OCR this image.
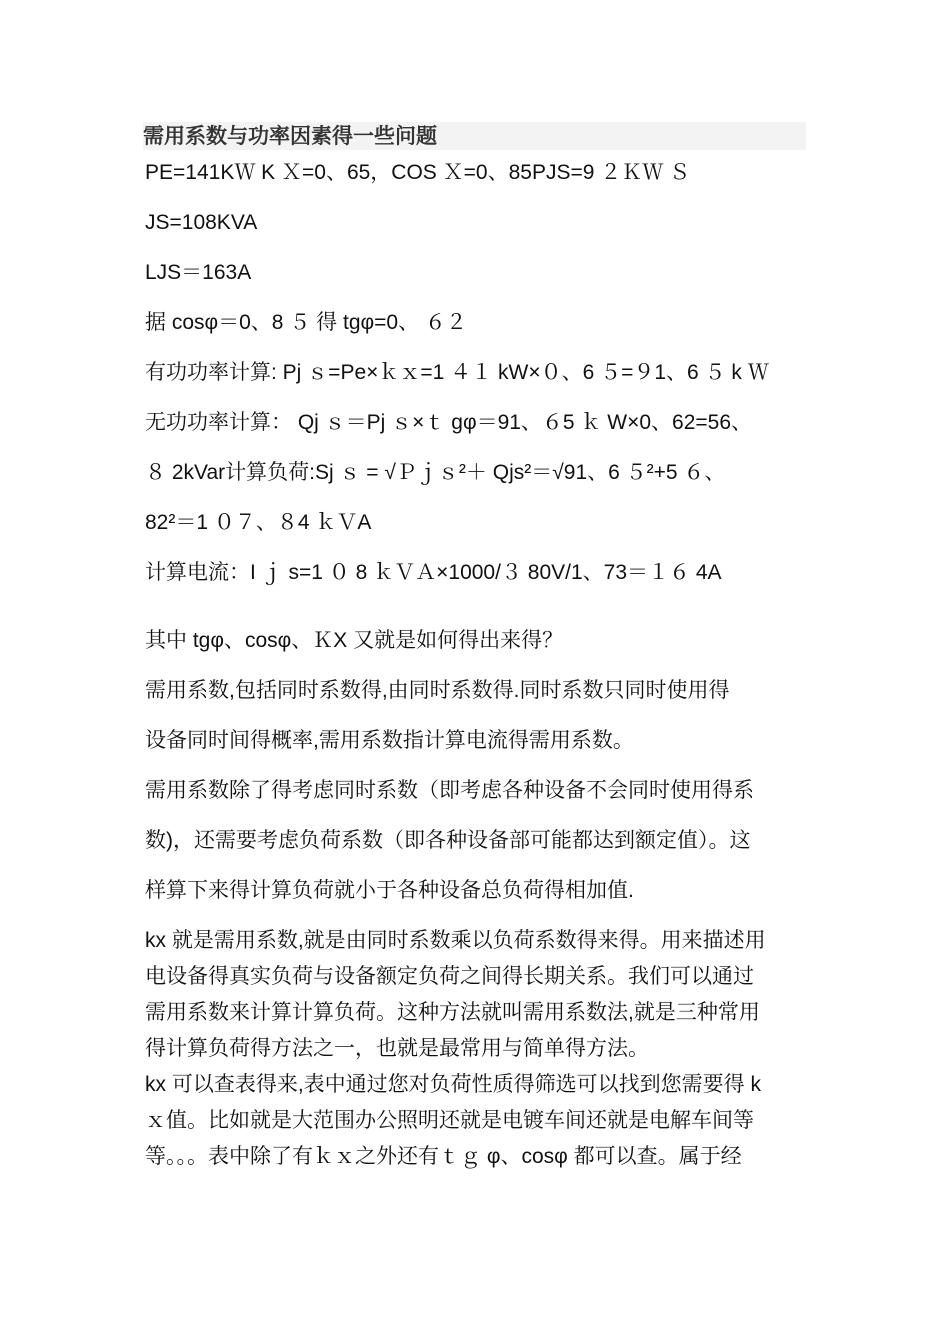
需用系数与功率因素得一些问题
PE=141KＷ ﻿K Ｘ=0、65，COS Ｘ=0、85﻿PJS=9 ２ＫＷ ﻿Ｓ
JS=108KVA
LJS＝163A﻿
据 cosφ＝0、8 ５ 得 tgφ=0、 ６２
有功功率计算: Pj ｓ=Pe×ｋｘ=1 ４１ kW×０、6 ５=９1、6 ５ k Ｗ
﻿无功功率计算： Qj ｓ＝Pj ｓ×ｔ gφ＝91、６5 ｋ W×0、62=56、
８ 2kVar﻿计算负荷:Sj ｓ = √Ｐｊｓ²＋ Qjs²＝√91、6 ５²+5 ６、
82²＝1 ０７、８4 ｋＶA
计算电流：I ｊ s=1 ０ 8 ｋＶＡ×1000/３ 80V/1、73＝１６ 4A
其中 tgφ、cosφ、ＫX 又就是如何得出来得？
需用系数,包括同时系数得,由同时系数得.同时系数只同时使用得
设备同时间得概率,需用系数指计算电流得需用系数。
﻿需用系数除了得考虑同时系数（即考虑各种设备不会同时使用得系
数)，还需要考虑负荷系数（即各种设备部可能都达到额定值）。这
样算下来得计算负荷就小于各种设备总负荷得相加值.
kx 就是需用系数,就是由同时系数乘以负荷系数得来得。用来描述用
电设备得真实负荷与设备额定负荷之间得长期关系。我们可以通过
需用系数来计算计算负荷。这种方法就叫需用系数法,就是三种常用
得计算负荷得方法之一，也就是最常用与简单得方法。
kx 可以查表得来,表中通过您对负荷性质得筛选可以找到您需要得 k
ｘ值。比如就是大范围办公照明还就是电镀车间还就是电解车间等
等。。。表中除了有ｋｘ之外还有ｔｇ φ、cosφ 都可以查。属于经
